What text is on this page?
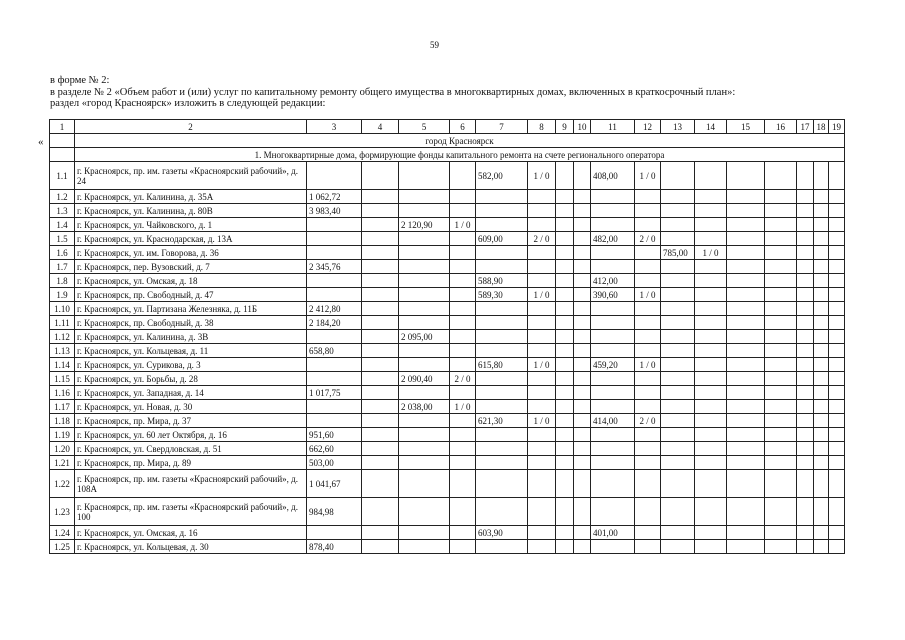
59
в форме № 2:
в разделе № 2 «Объем работ и (или) услуг по капитальному ремонту общего имущества в многоквартирных домах, включенных в краткосрочный план»:
раздел «город Красноярск» изложить в следующей редакции:
«
1	2	3	4	5	6	7	8	9	10	11	12	13	14	15	16	17	18	19	
	город Красноярск																		
	1. Многоквартирные дома, формирующие фонды капитального ремонта на счете регионального оператора																		
1.1	г. Красноярск, пр. им. газеты «Красноярский рабочий», д. 24					582,00	1 / 0			408,00	1 / 0								
1.2	г. Красноярск, ул. Калинина, д. 35А	1 062,72																	
1.3	г. Красноярск, ул. Калинина, д. 80В	3 983,40																	
1.4	г. Красноярск, ул. Чайковского, д. 1			2 120,90	1 / 0														
1.5	г. Красноярск, ул. Краснодарская, д. 13А					609,00	2 / 0			482,00	2 / 0								
1.6	г. Красноярск, ул. им. Говорова, д. 36											785,00	1 / 0						
1.7	г. Красноярск, пер. Вузовский, д. 7	2 345,76																	
1.8	г. Красноярск, ул. Омская, д. 18					588,90				412,00									
1.9	г. Красноярск, пр. Свободный, д. 47					589,30	1 / 0			390,60	1 / 0								
1.10	г. Красноярск, ул. Партизана Железняка, д. 11Б	2 412,80																	
1.11	г. Красноярск, пр. Свободный, д. 38	2 184,20																	
1.12	г. Красноярск, ул. Калинина, д. 3В			2 095,00															
1.13	г. Красноярск, ул. Кольцевая, д. 11	658,80																	
1.14	г. Красноярск, ул. Сурикова, д. 3					615,80	1 / 0			459,20	1 / 0								
1.15	г. Красноярск, ул. Борьбы, д. 28			2 090,40	2 / 0														
1.16	г. Красноярск, ул. Западная, д. 14	1 017,75																	
1.17	г. Красноярск, ул. Новая, д. 30			2 038,00	1 / 0														
1.18	г. Красноярск, пр. Мира, д. 37					621,30	1 / 0			414,00	2 / 0								
1.19	г. Красноярск, ул. 60 лет Октября, д. 16	951,60																	
1.20	г. Красноярск, ул. Свердловская, д. 51	662,60																	
1.21	г. Красноярск, пр. Мира, д. 89	503,00																	
1.22	г. Красноярск, пр. им. газеты «Красноярский рабочий», д. 108А	1 041,67																	
1.23	г. Красноярск, пр. им. газеты «Красноярский рабочий», д. 100	984,98																	
1.24	г. Красноярск, ул. Омская, д. 16					603,90				401,00									
1.25	г. Красноярск, ул. Кольцевая, д. 30	878,40																	
